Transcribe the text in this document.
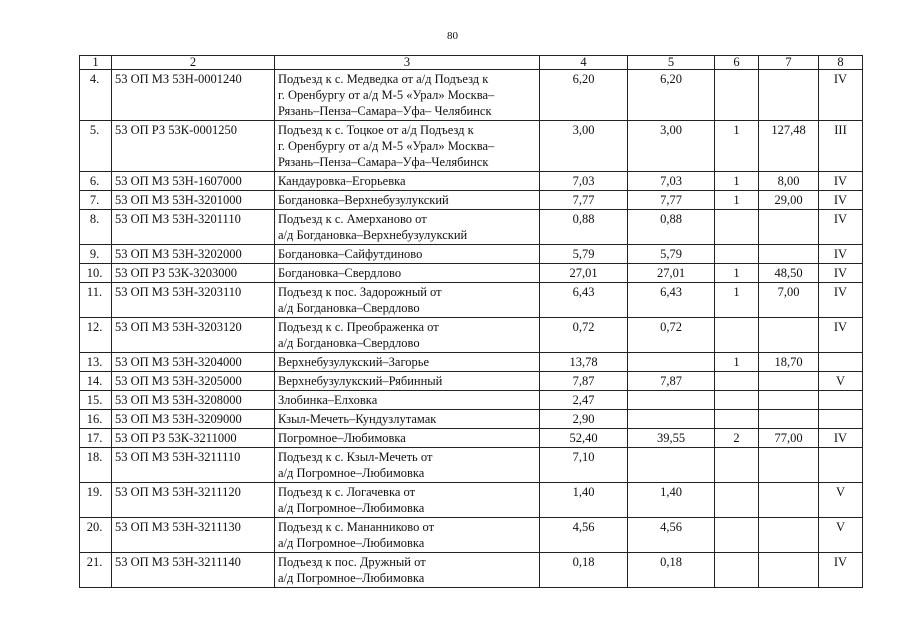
80
1	2	3	4	5	6	7	8
4.	53 ОП МЗ 53Н-0001240	Подъезд к с. Медведка от а/д Подъезд к
г. Оренбургу от а/д М-5 «Урал» Москва–
Рязань–Пенза–Самара–Уфа– Челябинск	6,20	6,20			IV
5.	53 ОП РЗ 53К-0001250	Подъезд к с. Тоцкое от а/д Подъезд к
г. Оренбургу от а/д М-5 «Урал» Москва–
Рязань–Пенза–Самара–Уфа–Челябинск	3,00	3,00	1	127,48	III
6.	53 ОП МЗ 53Н-1607000	Кандауровка–Егорьевка	7,03	7,03	1	8,00	IV
7.	53 ОП МЗ 53Н-3201000	Богдановка–Верхнебузулукский	7,77	7,77	1	29,00	IV
8.	53 ОП МЗ 53Н-3201110	Подъезд к с. Амерханово от
а/д Богдановка–Верхнебузулукский	0,88	0,88			IV
9.	53 ОП МЗ 53Н-3202000	Богдановка–Сайфутдиново	5,79	5,79			IV
10.	53 ОП РЗ 53К-3203000	Богдановка–Свердлово	27,01	27,01	1	48,50	IV
11.	53 ОП МЗ 53Н-3203110	Подъезд к пос. Задорожный от
а/д Богдановка–Свердлово	6,43	6,43	1	7,00	IV
12.	53 ОП МЗ 53Н-3203120	Подъезд к с. Преображенка от
а/д Богдановка–Свердлово	0,72	0,72			IV
13.	53 ОП МЗ 53Н-3204000	Верхнебузулукский–Загорье	13,78		1	18,70	
14.	53 ОП МЗ 53Н-3205000	Верхнебузулукский–Рябинный	7,87	7,87			V
15.	53 ОП МЗ 53Н-3208000	Злобинка–Елховка	2,47				
16.	53 ОП МЗ 53Н-3209000	Кзыл-Мечеть–Кундузлутамак	2,90				
17.	53 ОП РЗ 53К-3211000	Погромное–Любимовка	52,40	39,55	2	77,00	IV
18.	53 ОП МЗ 53Н-3211110	Подъезд к с. Кзыл-Мечеть от
а/д Погромное–Любимовка	7,10				
19.	53 ОП МЗ 53Н-3211120	Подъезд к с. Логачевка от
а/д Погромное–Любимовка	1,40	1,40			V
20.	53 ОП МЗ 53Н-3211130	Подъезд к с. Мананниково от
а/д Погромное–Любимовка	4,56	4,56			V
21.	53 ОП МЗ 53Н-3211140	Подъезд к пос. Дружный от
а/д Погромное–Любимовка	0,18	0,18			IV
